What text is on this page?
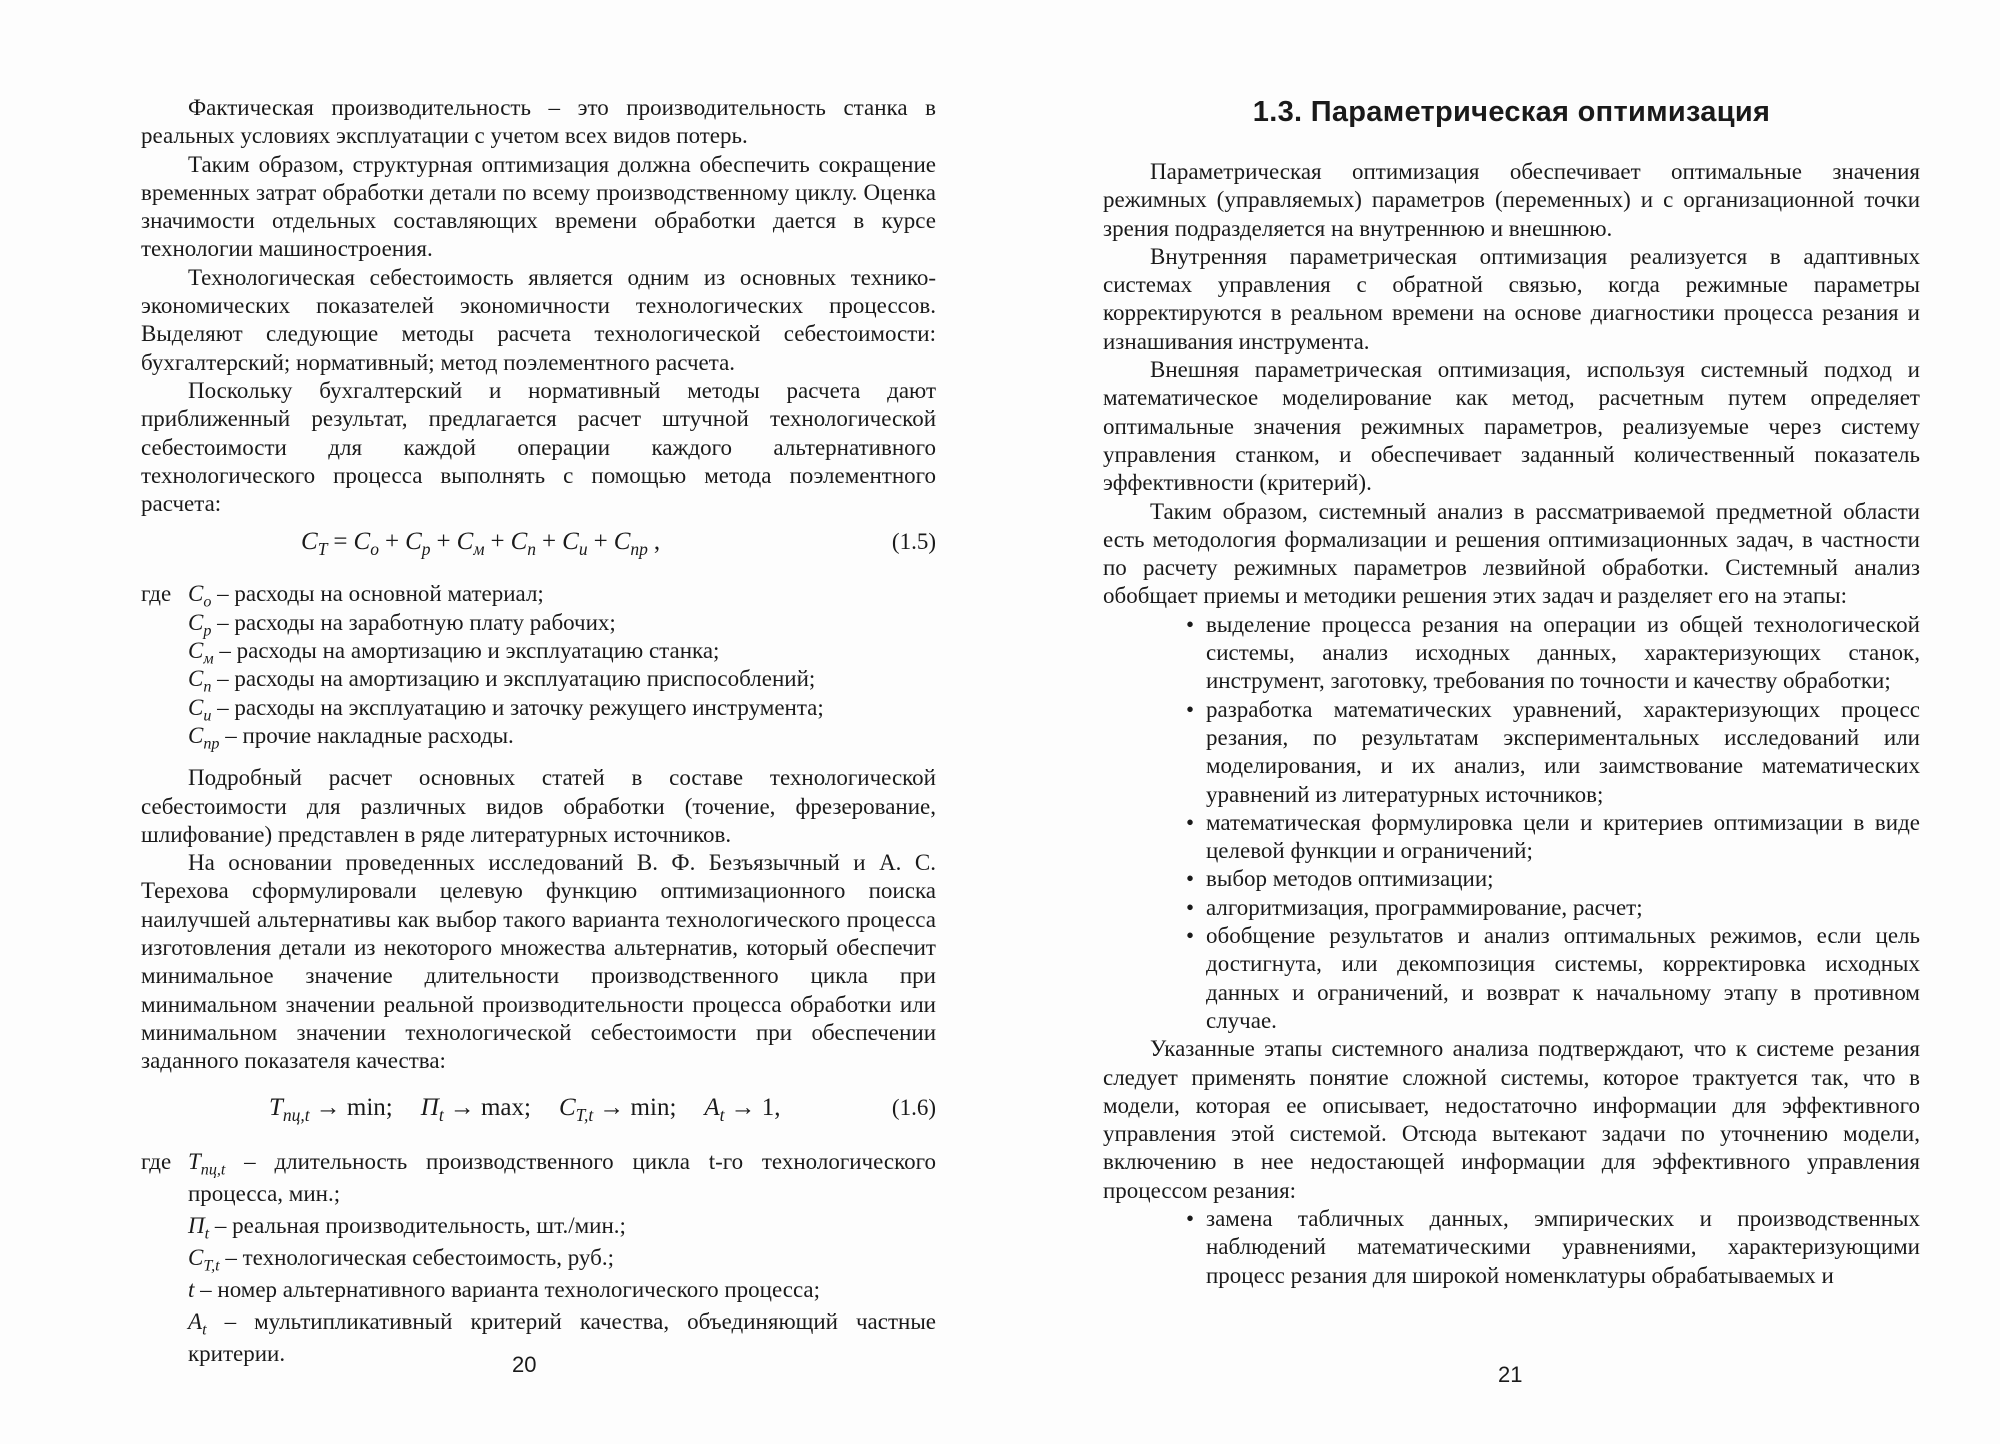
Фактическая производительность – это производительность станка в реальных условиях эксплуатации с учетом всех видов потерь.

Таким образом, структурная оптимизация должна обеспечить сокращение временных затрат обработки детали по всему производственному циклу. Оценка значимости отдельных составляющих времени обработки дается в курсе технологии машиностроения.

Технологическая себестоимость является одним из основных технико-экономических показателей экономичности технологических процессов. Выделяют следующие методы расчета технологической себестоимости: бухгалтерский; нормативный; метод поэлементного расчета.

Поскольку бухгалтерский и нормативный методы расчета дают приближенный результат, предлагается расчет штучной технологической себестоимости для каждой операции каждого альтернативного технологического процесса выполнять с помощью метода поэлементного расчета:

$C_T = C_o + C_p + C_м + C_п + C_и + C_{пр}$ ,	(1.5)
где $C_o$ – расходы на основной материал;
$C_p$ – расходы на заработную плату рабочих;
$C_м$ – расходы на амортизацию и эксплуатацию станка;
$C_п$ – расходы на амортизацию и эксплуатацию приспособлений;
$C_и$ – расходы на эксплуатацию и заточку режущего инструмента;
$C_{пр}$ – прочие накладные расходы.

Подробный расчет основных статей в составе технологической себестоимости для различных видов обработки (точение, фрезерование, шлифование) представлен в ряде литературных источников.

На основании проведенных исследований В. Ф. Безъязычный и А. С. Терехова сформулировали целевую функцию оптимизационного поиска наилучшей альтернативы как выбор такого варианта технологического процесса изготовления детали из некоторого множества альтернатив, который обеспечит минимальное значение длительности производственного цикла при минимальном значении реальной производительности процесса обработки или минимальном значении технологической себестоимости при обеспечении заданного показателя качества:

$T_{пц,t} \to \min$; $П_t \to \max$; $C_{T,t} \to \min$; $A_t \to 1$,	(1.6)
где $T_{пц,t}$ – длительность производственного цикла t-го технологического процесса, мин.;
$П_t$ – реальная производительность, шт./мин.;
$C_{T,t}$ – технологическая себестоимость, руб.;
t – номер альтернативного варианта технологического процесса;
$A_t$ – мультипликативный критерий качества, объединяющий частные критерии.	20
1.3. Параметрическая оптимизация

Параметрическая оптимизация обеспечивает оптимальные значения режимных (управляемых) параметров (переменных) и с организационной точки зрения подразделяется на внутреннюю и внешнюю.

Внутренняя параметрическая оптимизация реализуется в адаптивных системах управления с обратной связью, когда режимные параметры корректируются в реальном времени на основе диагностики процесса резания и изнашивания инструмента.

Внешняя параметрическая оптимизация, используя системный подход и математическое моделирование как метод, расчетным путем определяет оптимальные значения режимных параметров, реализуемые через систему управления станком, и обеспечивает заданный количественный показатель эффективности (критерий).

Таким образом, системный анализ в рассматриваемой предметной области есть методология формализации и решения оптимизационных задач, в частности по расчету режимных параметров лезвийной обработки. Системный анализ обобщает приемы и методики решения этих задач и разделяет его на этапы:

• выделение процесса резания на операции из общей технологической системы, анализ исходных данных, характеризующих станок, инструмент, заготовку, требования по точности и качеству обработки;
• разработка математических уравнений, характеризующих процесс резания, по результатам экспериментальных исследований или моделирования, и их анализ, или заимствование математических уравнений из литературных источников;
• математическая формулировка цели и критериев оптимизации в виде целевой функции и ограничений;
• выбор методов оптимизации;
• алгоритмизация, программирование, расчет;
• обобщение результатов и анализ оптимальных режимов, если цель достигнута, или декомпозиция системы, корректировка исходных данных и ограничений, и возврат к начальному этапу в противном случае.

Указанные этапы системного анализа подтверждают, что к системе резания следует применять понятие сложной системы, которое трактуется так, что в модели, которая ее описывает, недостаточно информации для эффективного управления этой системой. Отсюда вытекают задачи по уточнению модели, включению в нее недостающей информации для эффективного управления процессом резания:

• замена табличных данных, эмпирических и производственных наблюдений математическими уравнениями, характеризующими процесс резания для широкой номенклатуры обрабатываемых и
21
